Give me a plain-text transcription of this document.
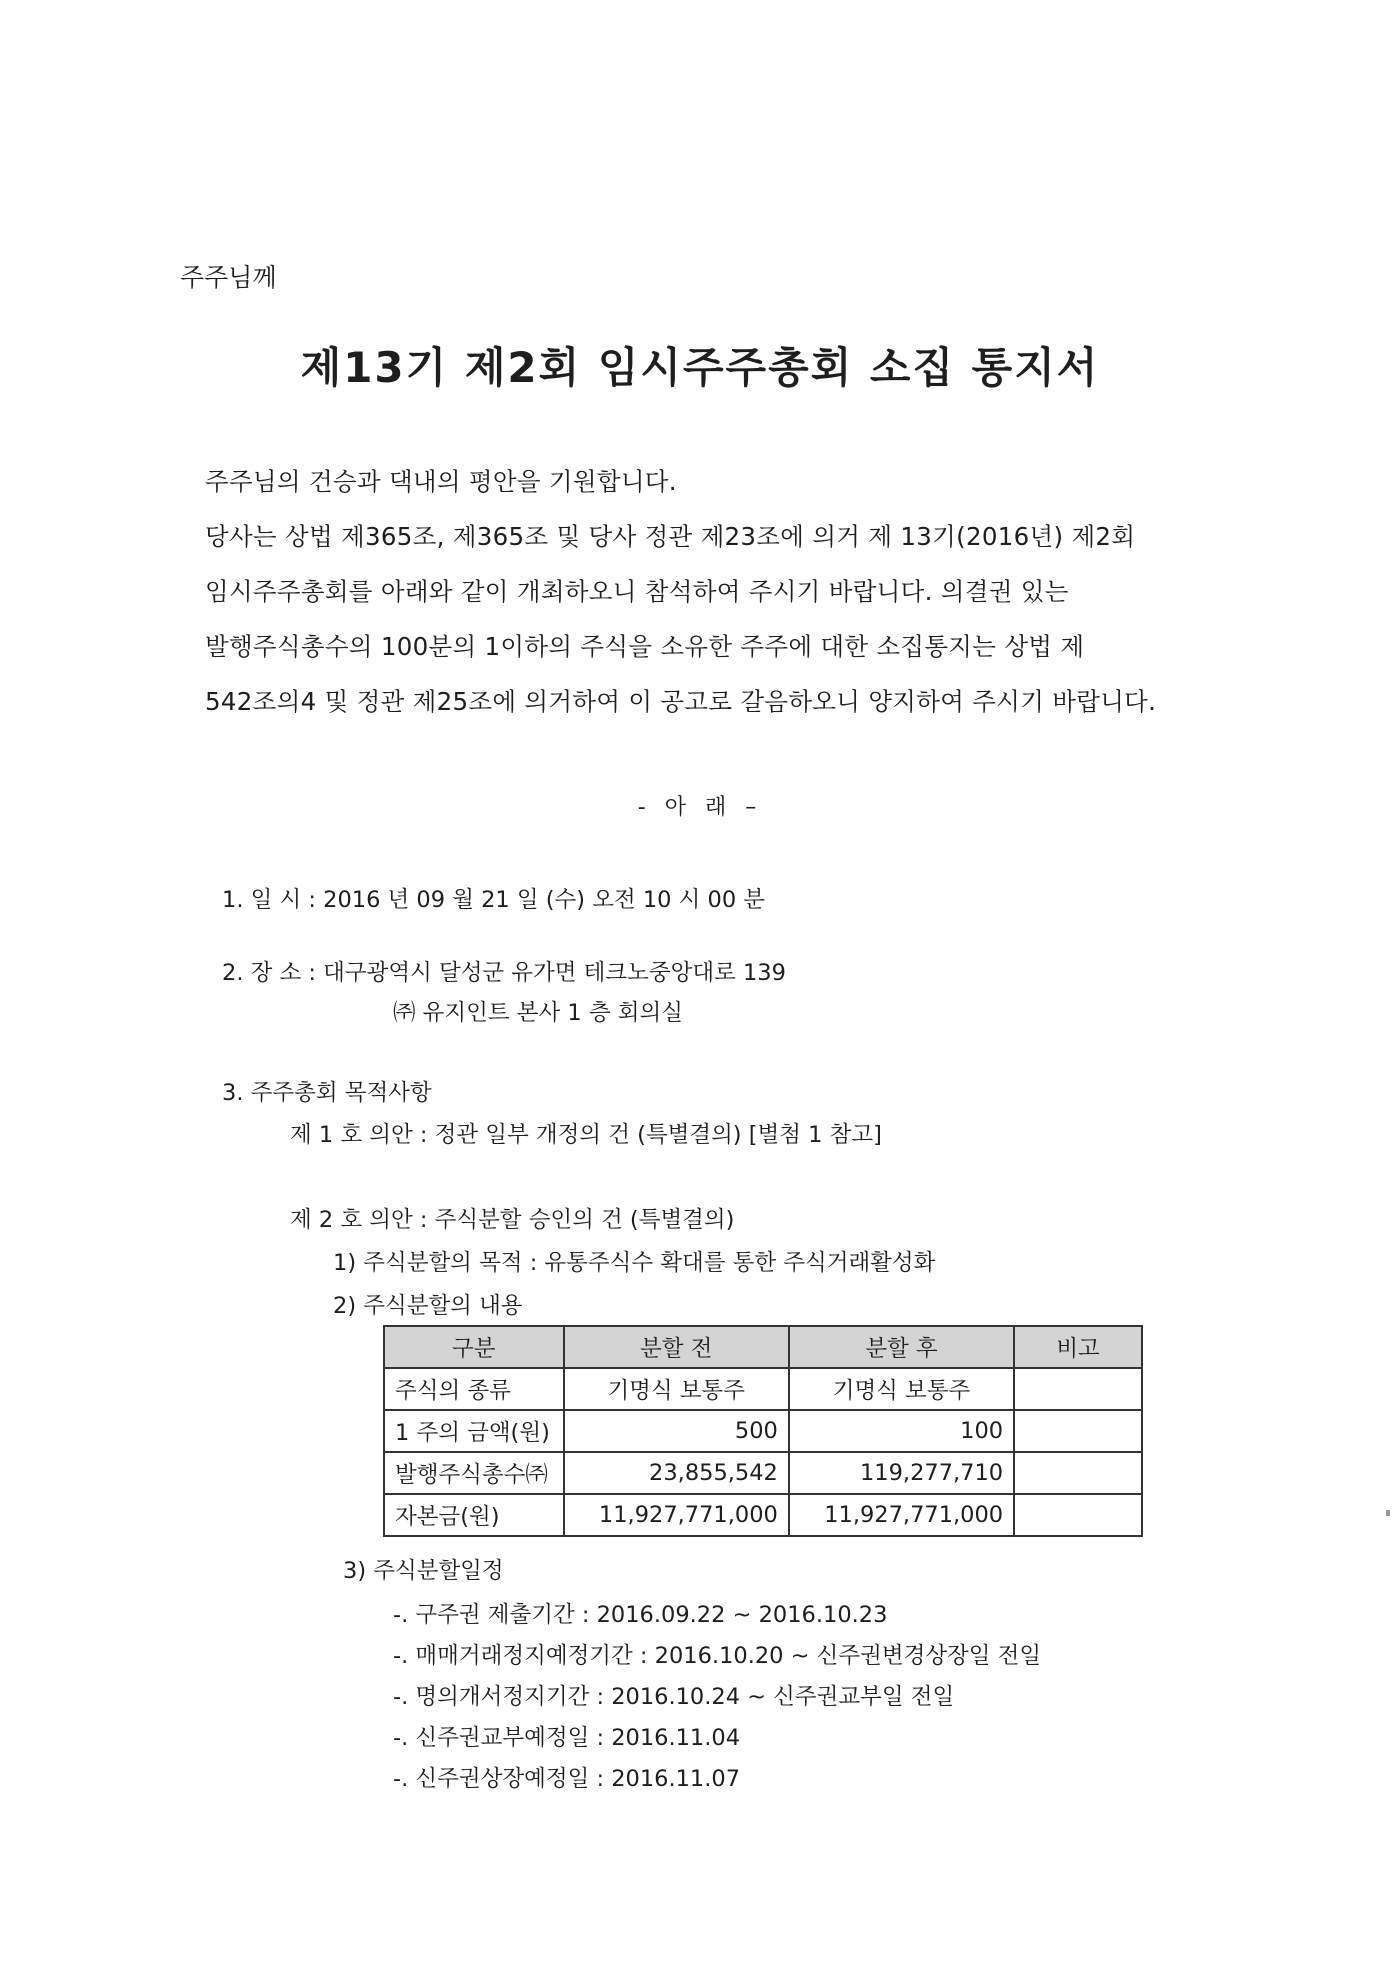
주주님께
제13기 제2회 임시주주총회 소집 통지서
주주님의 건승과 댁내의 평안을 기원합니다.
당사는 상법 제365조, 제365조 및 당사 정관 제23조에 의거 제 13기(2016년) 제2회
임시주주총회를 아래와 같이 개최하오니 참석하여 주시기 바랍니다. 의결권 있는
발행주식총수의 100분의 1이하의 주식을 소유한 주주에 대한 소집통지는 상법 제
542조의4 및 정관 제25조에 의거하여 이 공고로 갈음하오니 양지하여 주시기 바랍니다.
- 아 래 –
1. 일 시 : 2016 년 09 월 21 일 (수) 오전 10 시 00 분
2. 장 소 : 대구광역시 달성군 유가면 테크노중앙대로 139
㈜ 유지인트 본사 1 층 회의실
3. 주주총회 목적사항
제 1 호 의안 : 정관 일부 개정의 건 (특별결의) [별첨 1 참고]
제 2 호 의안 : 주식분할 승인의 건 (특별결의)
1) 주식분할의 목적 : 유통주식수 확대를 통한 주식거래활성화
2) 주식분할의 내용
구분	분할 전	분할 후	비고
주식의 종류	기명식 보통주	기명식 보통주	
1 주의 금액(원)	500	100	
발행주식총수㈜	23,855,542	119,277,710	
자본금(원)	11,927,771,000	11,927,771,000	
3) 주식분할일정
-. 구주권 제출기간 : 2016.09.22 ~ 2016.10.23
-. 매매거래정지예정기간 : 2016.10.20 ~ 신주권변경상장일 전일
-. 명의개서정지기간 : 2016.10.24 ~ 신주권교부일 전일
-. 신주권교부예정일 : 2016.11.04
-. 신주권상장예정일 : 2016.11.07
